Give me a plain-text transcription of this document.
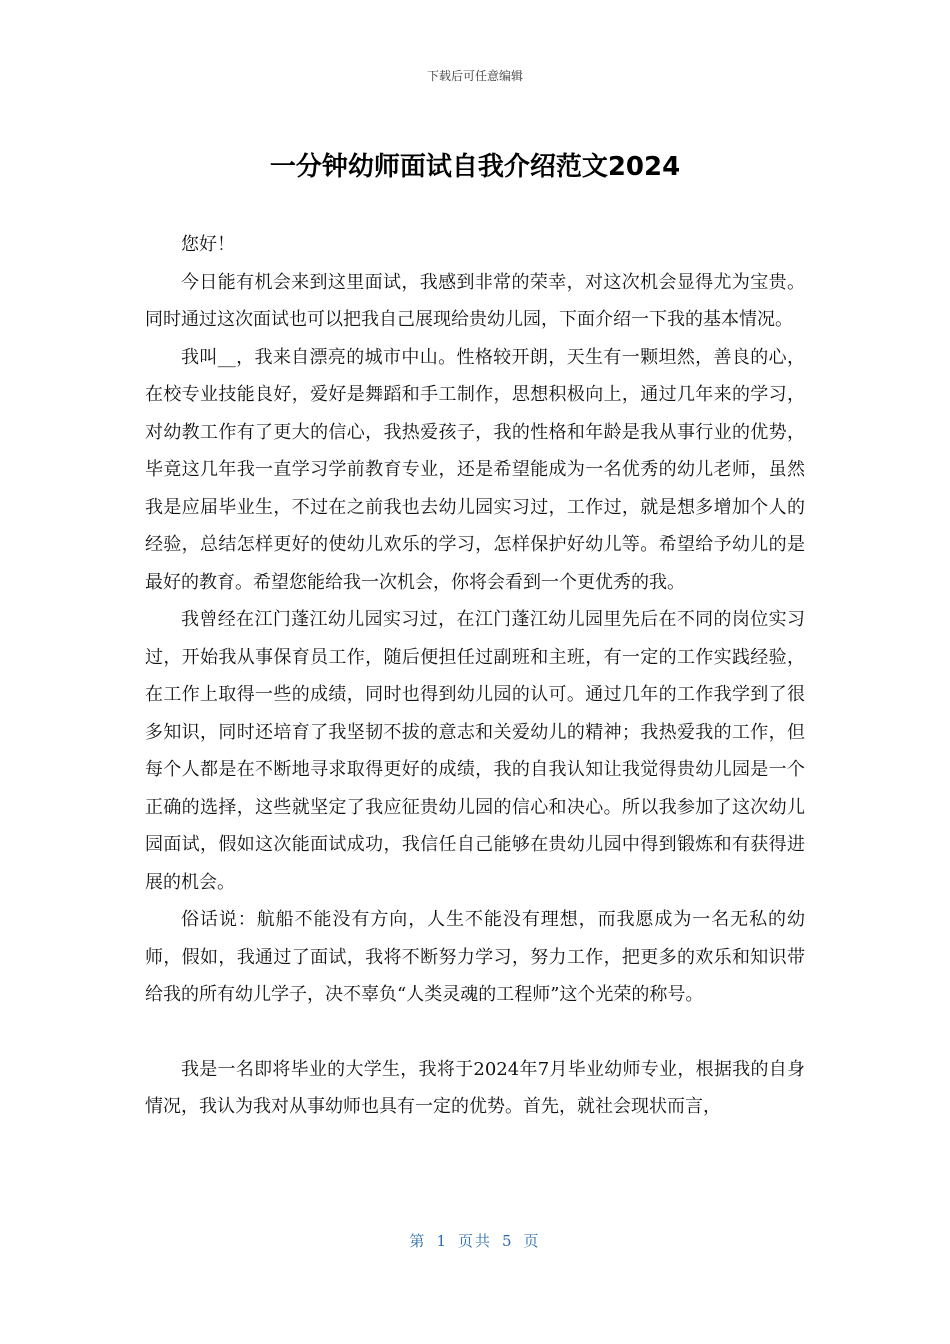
下载后可任意编辑
一分钟幼师面试自我介绍范文2024

您好！

今日能有机会来到这里面试，我感到非常的荣幸，对这次机会显得尤为宝贵。同时通过这次面试也可以把我自己展现给贵幼儿园，下面介绍一下我的基本情况。

我叫__，我来自漂亮的城市中山。性格较开朗，天生有一颗坦然，善良的心，在校专业技能良好，爱好是舞蹈和手工制作，思想积极向上，通过几年来的学习，对幼教工作有了更大的信心，我热爱孩子，我的性格和年龄是我从事行业的优势，毕竟这几年我一直学习学前教育专业，还是希望能成为一名优秀的幼儿老师，虽然我是应届毕业生，不过在之前我也去幼儿园实习过，工作过，就是想多增加个人的经验，总结怎样更好的使幼儿欢乐的学习，怎样保护好幼儿等。希望给予幼儿的是最好的教育。希望您能给我一次机会，你将会看到一个更优秀的我。

我曾经在江门蓬江幼儿园实习过，在江门蓬江幼儿园里先后在不同的岗位实习过，开始我从事保育员工作，随后便担任过副班和主班，有一定的工作实践经验，在工作上取得一些的成绩，同时也得到幼儿园的认可。通过几年的工作我学到了很多知识，同时还培育了我坚韧不拔的意志和关爱幼儿的精神；我热爱我的工作，但每个人都是在不断地寻求取得更好的成绩，我的自我认知让我觉得贵幼儿园是一个正确的选择，这些就坚定了我应征贵幼儿园的信心和决心。所以我参加了这次幼儿园面试，假如这次能面试成功，我信任自己能够在贵幼儿园中得到锻炼和有获得进展的机会。

俗话说：航船不能没有方向，人生不能没有理想，而我愿成为一名无私的幼师，假如，我通过了面试，我将不断努力学习，努力工作，把更多的欢乐和知识带给我的所有幼儿学子，决不辜负“人类灵魂的工程师”这个光荣的称号。

我是一名即将毕业的大学生，我将于2024年7月毕业幼师专业，根据我的自身情况，我认为我对从事幼师也具有一定的优势。首先，就社会现状而言，

第 1 页共 5 页
